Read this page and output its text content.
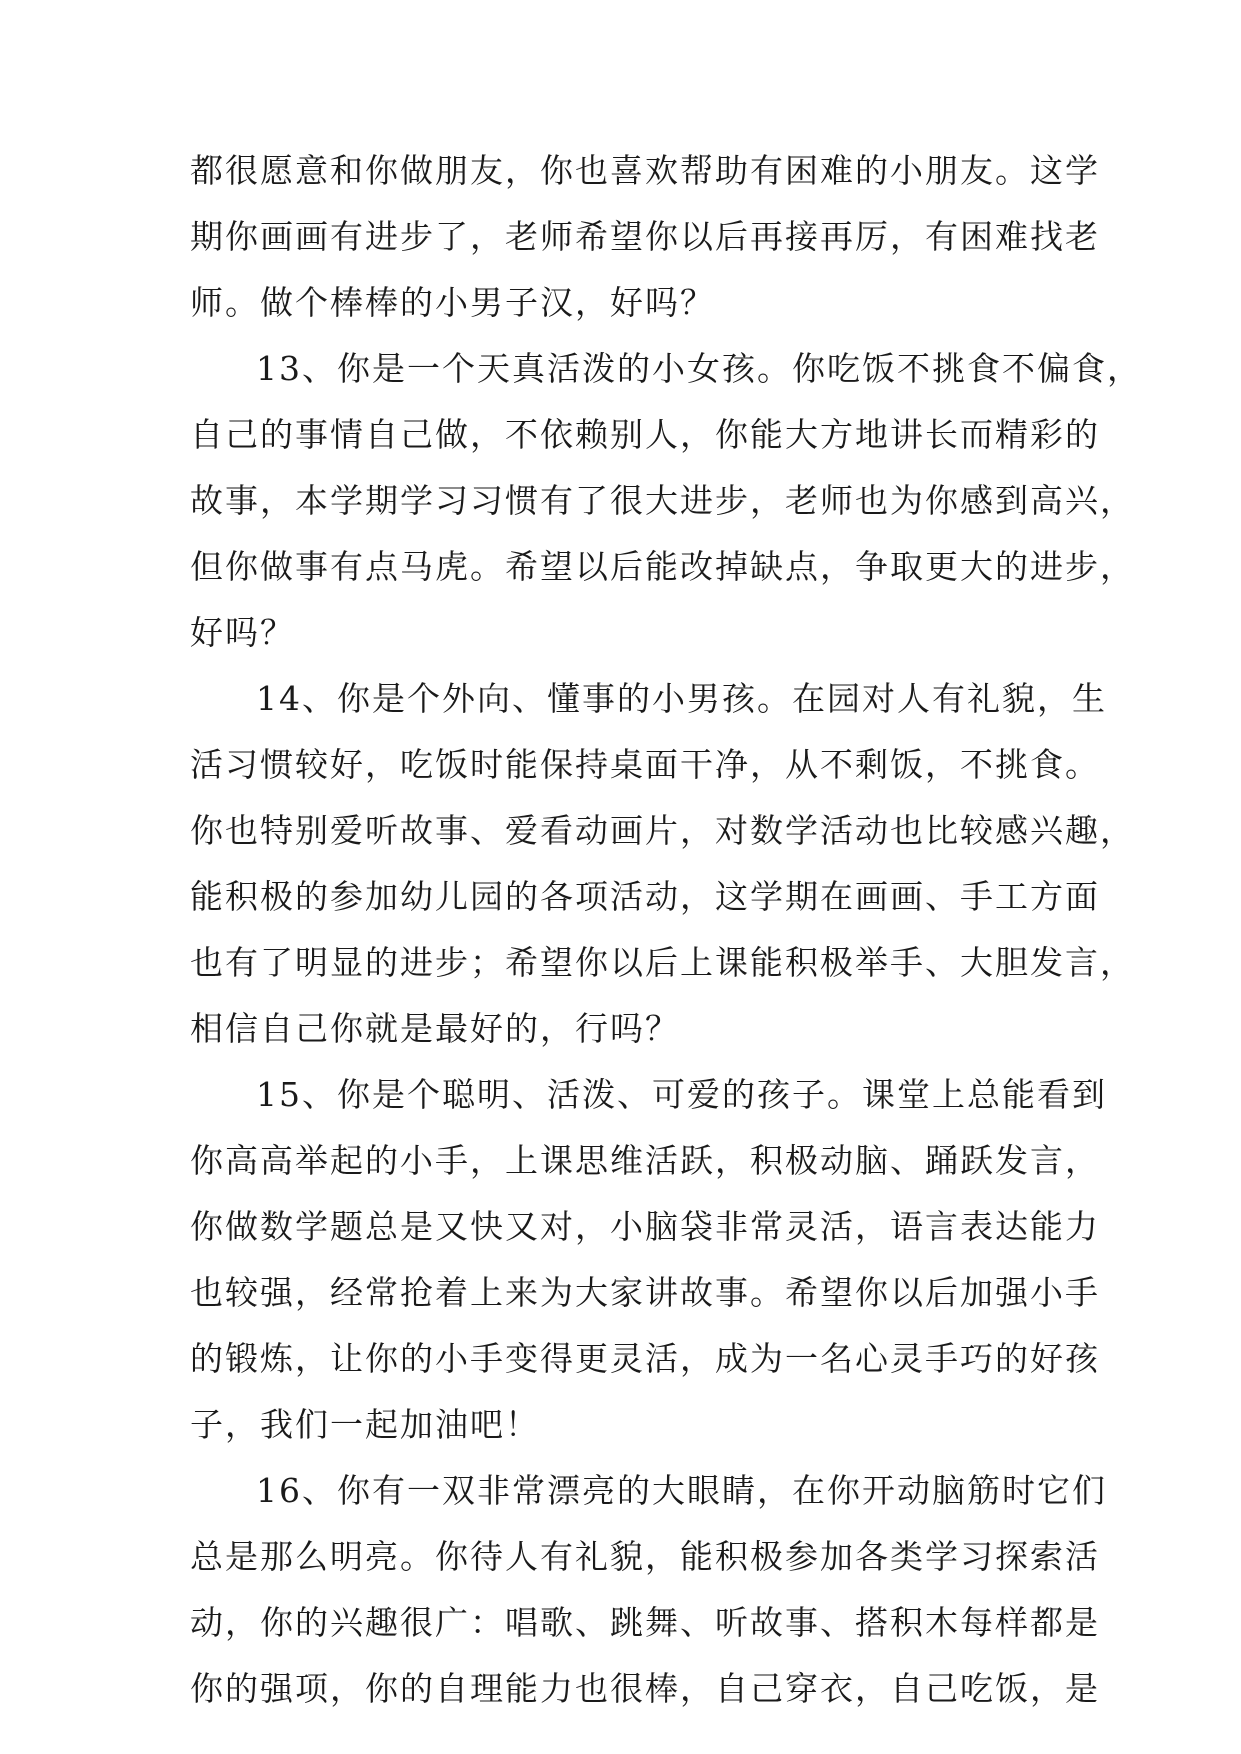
都很愿意和你做朋友，你也喜欢帮助有困难的小朋友。这学
期你画画有进步了，老师希望你以后再接再厉，有困难找老
师。做个棒棒的小男子汉，好吗？
13、你是一个天真活泼的小女孩。你吃饭不挑食不偏食，
自己的事情自己做，不依赖别人，你能大方地讲长而精彩的
故事，本学期学习习惯有了很大进步，老师也为你感到高兴，
但你做事有点马虎。希望以后能改掉缺点，争取更大的进步，
好吗？
14、你是个外向、懂事的小男孩。在园对人有礼貌，生
活习惯较好，吃饭时能保持桌面干净，从不剩饭，不挑食。
你也特别爱听故事、爱看动画片，对数学活动也比较感兴趣，
能积极的参加幼儿园的各项活动，这学期在画画、手工方面
也有了明显的进步；希望你以后上课能积极举手、大胆发言，
相信自己你就是最好的，行吗？
15、你是个聪明、活泼、可爱的孩子。课堂上总能看到
你高高举起的小手，上课思维活跃，积极动脑、踊跃发言，
你做数学题总是又快又对，小脑袋非常灵活，语言表达能力
也较强，经常抢着上来为大家讲故事。希望你以后加强小手
的锻炼，让你的小手变得更灵活，成为一名心灵手巧的好孩
子，我们一起加油吧！
16、你有一双非常漂亮的大眼睛，在你开动脑筋时它们
总是那么明亮。你待人有礼貌，能积极参加各类学习探索活
动，你的兴趣很广：唱歌、跳舞、听故事、搭积木每样都是
你的强项，你的自理能力也很棒，自己穿衣，自己吃饭，是
